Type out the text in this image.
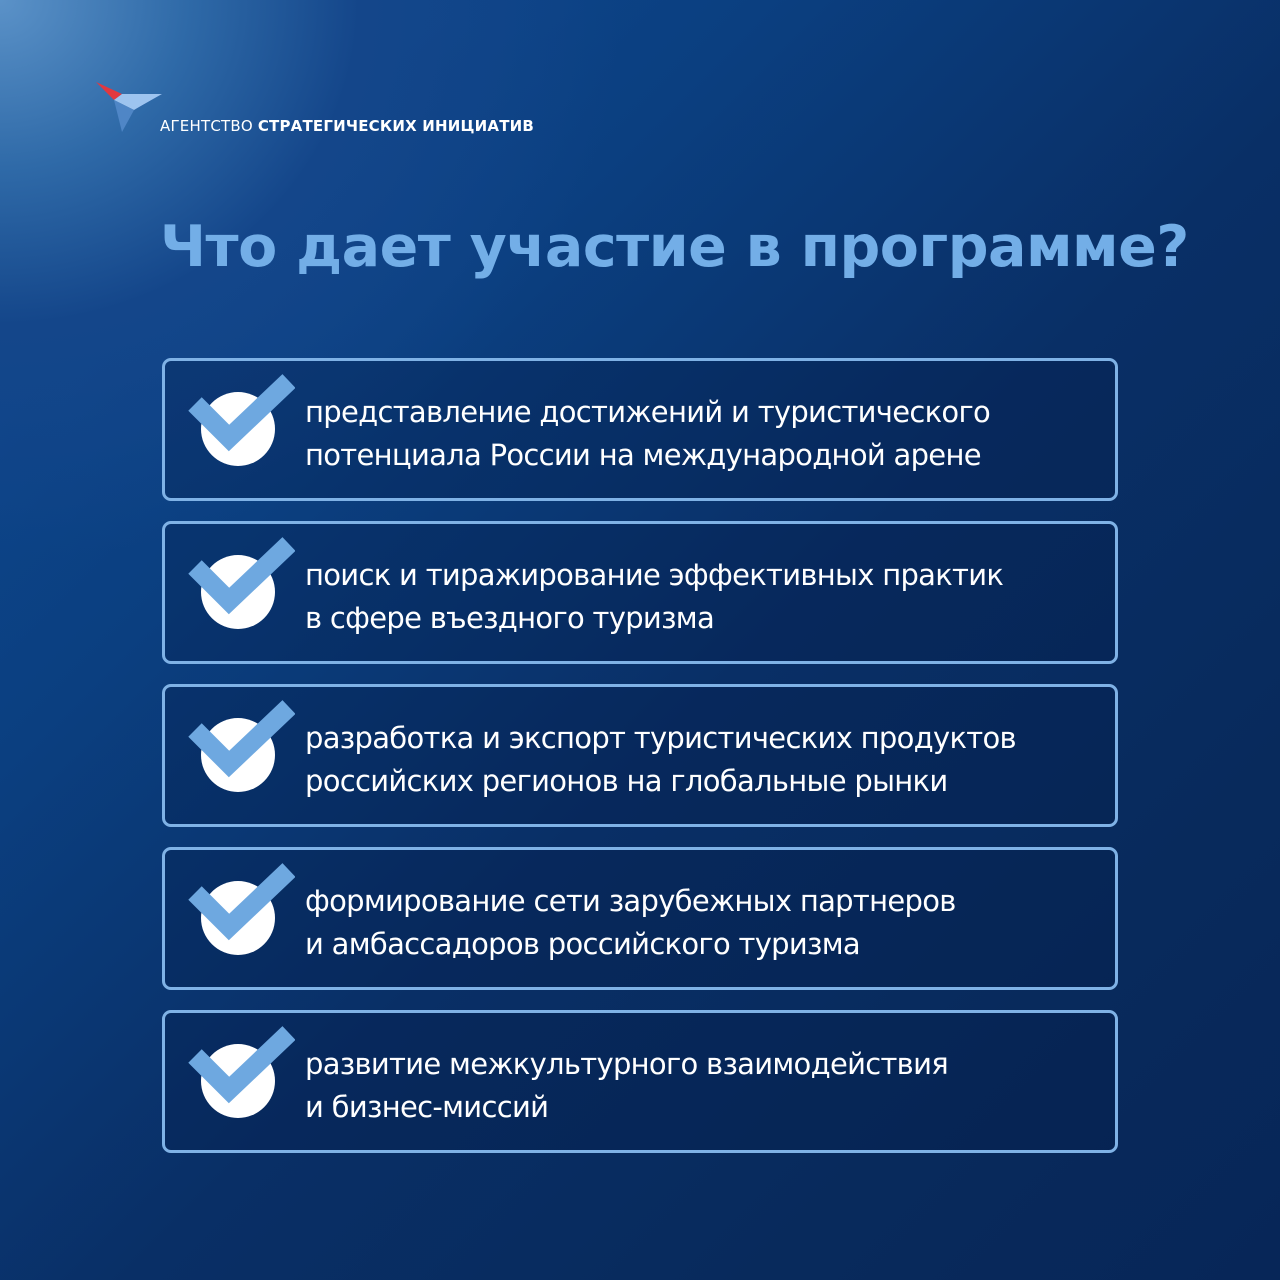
АГЕНТСТВО СТРАТЕГИЧЕСКИХ ИНИЦИАТИВ
Что дает участие в программе?
представление достижений и туристического
потенциала России на международной арене
поиск и тиражирование эффективных практик
в сфере въездного туризма
разработка и экспорт туристических продуктов
российских регионов на глобальные рынки
формирование сети зарубежных партнеров
и амбассадоров российского туризма
развитие межкультурного взаимодействия
и бизнес-миссий
